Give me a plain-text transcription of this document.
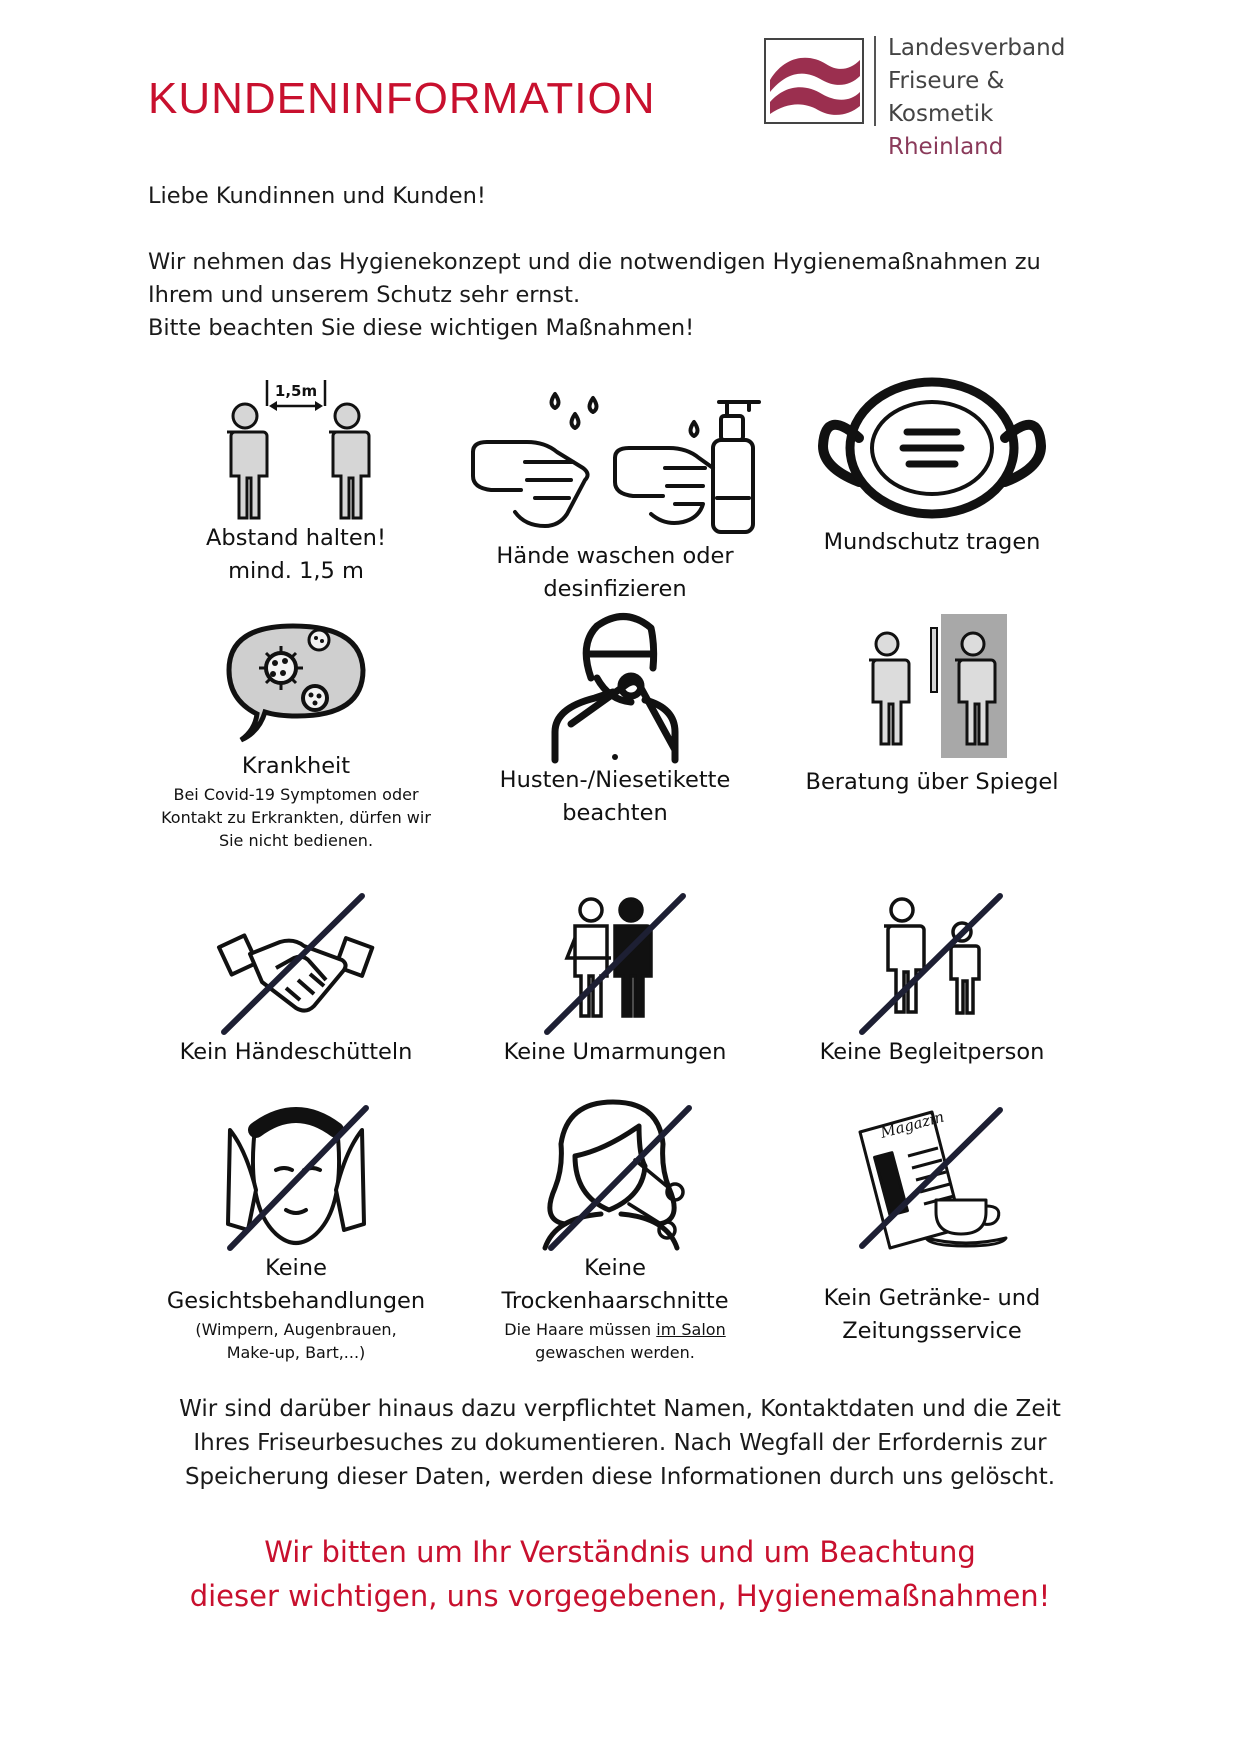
KUNDENINFORMATION
Landesverband
Friseure & Kosmetik
Rheinland

Liebe Kundinnen und Kunden!

Wir nehmen das Hygienekonzept und die notwendigen Hygienemaßnahmen zu

Ihrem und unserem Schutz sehr ernst.

Bitte beachten Sie diese wichtigen Maßnahmen!

1,5m
Abstand halten!
mind. 1,5 m
Hände waschen oder
desinfizieren
Mundschutz tragen
Krankheit
Bei Covid-19 Symptomen oder
Kontakt zu Erkrankten, dürfen wir
Sie nicht bedienen.
Husten-/Niesetikette
beachten
Beratung über Spiegel
Kein Händeschütteln	Keine Umarmungen	Keine Begleitperson
Keine
Gesichtsbehandlungen
(Wimpern, Augenbrauen,
Make-up, Bart,...)
Keine
Trockenhaarschnitte
Die Haare müssen im Salon
gewaschen werden.
Magazin
Kein Getränke- und
Zeitungsservice
Wir sind darüber hinaus dazu verpflichtet Namen, Kontaktdaten und die Zeit
Ihres Friseurbesuches zu dokumentieren. Nach Wegfall der Erfordernis zur
Speicherung dieser Daten, werden diese Informationen durch uns gelöscht.
Wir bitten um Ihr Verständnis und um Beachtung
dieser wichtigen, uns vorgegebenen, Hygienemaßnahmen!
